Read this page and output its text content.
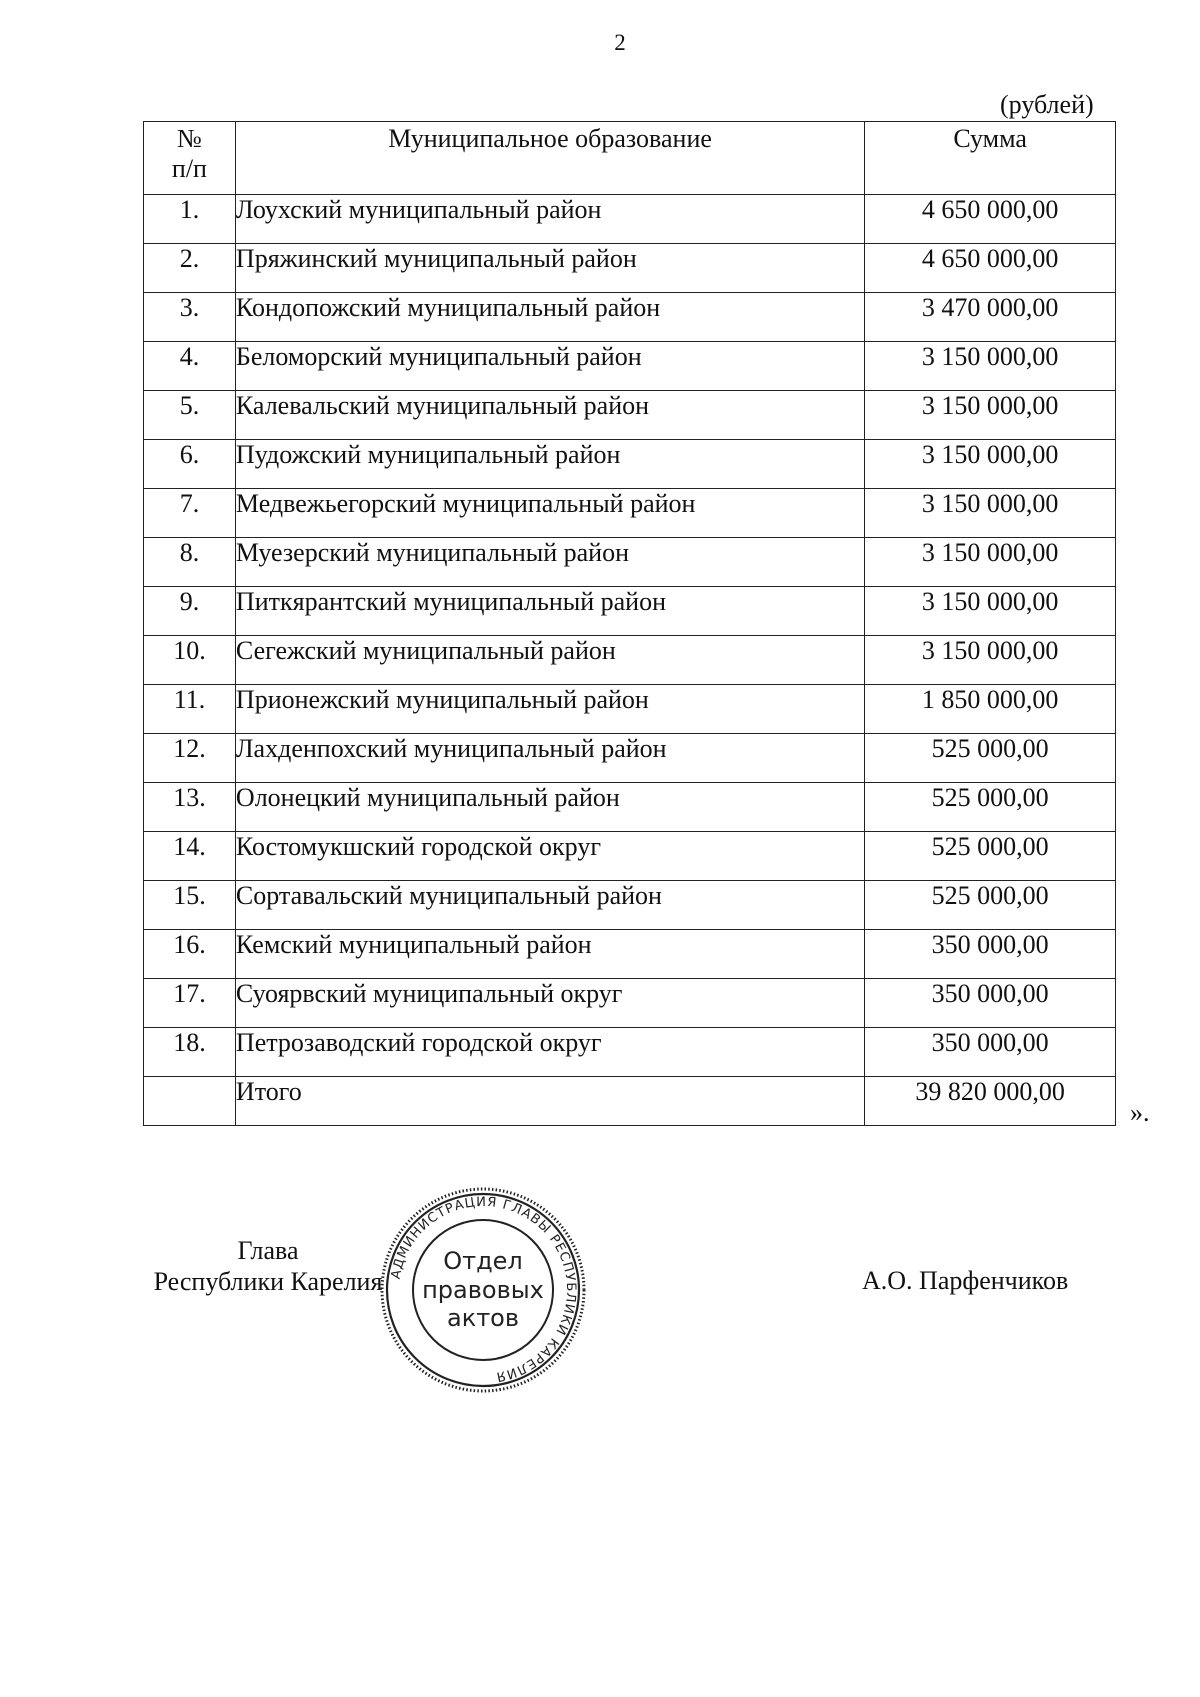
2
(рублей)
№ п/п	Муниципальное образование	Сумма
1.	Лоухский муниципальный район	4 650 000,00
2.	Пряжинский муниципальный район	4 650 000,00
3.	Кондопожский муниципальный район	3 470 000,00
4.	Беломорский муниципальный район	3 150 000,00
5.	Калевальский муниципальный район	3 150 000,00
6.	Пудожский муниципальный район	3 150 000,00
7.	Медвежьегорский муниципальный район	3 150 000,00
8.	Муезерский муниципальный район	3 150 000,00
9.	Питкярантский муниципальный район	3 150 000,00
10.	Сегежский муниципальный район	3 150 000,00
11.	Прионежский муниципальный район	1 850 000,00
12.	Лахденпохский муниципальный район	525 000,00
13.	Олонецкий муниципальный район	525 000,00
14.	Костомукшский городской округ	525 000,00
15.	Сортавальский муниципальный район	525 000,00
16.	Кемский муниципальный район	350 000,00
17.	Суоярвский муниципальный округ	350 000,00
18.	Петрозаводский городской округ	350 000,00
	Итого	39 820 000,00
».
Глава
Республики Карелия АДМИНИСТРАЦИЯ ГЛАВЫ РЕСПУБЛИКИ КАРЕЛИЯ
Отдел
правовых
актов
А.О. Парфенчиков
